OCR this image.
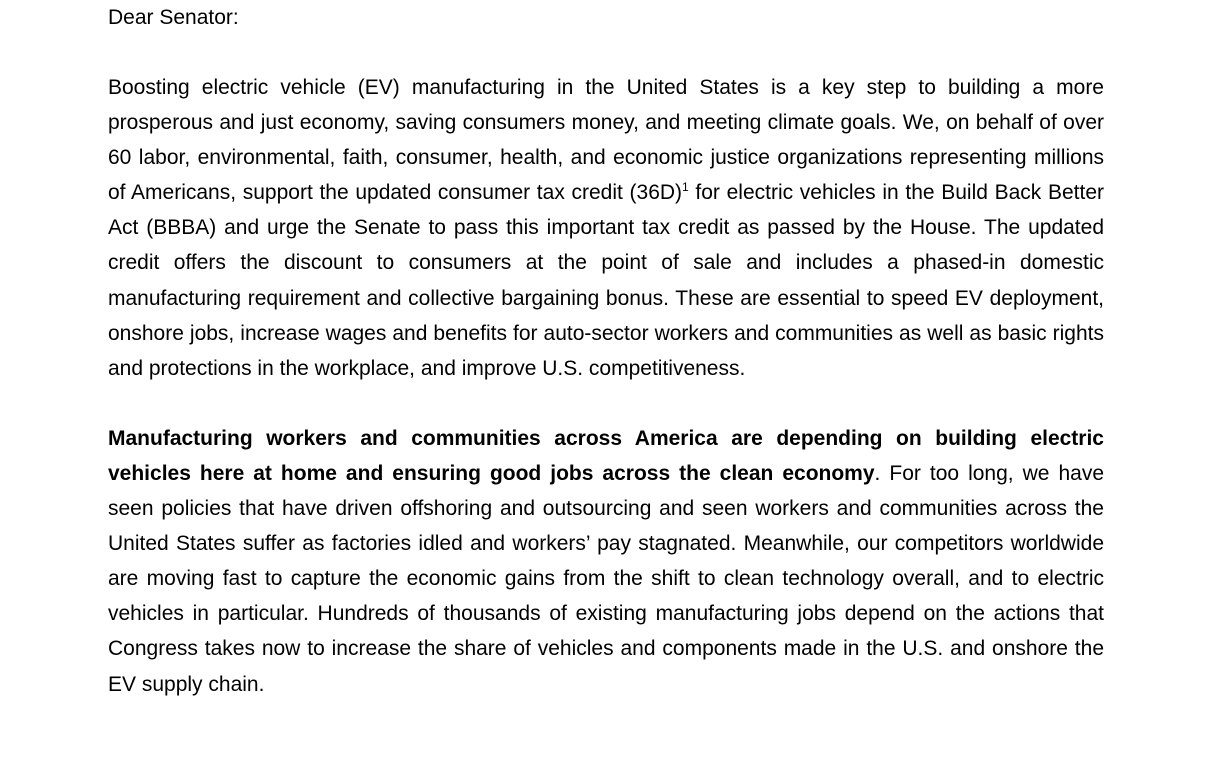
Dear Senator:

Boosting electric vehicle (EV) manufacturing in the United States is a key step to building a more prosperous and just economy, saving consumers money, and meeting climate goals. We, on behalf of over 60 labor, environmental, faith, consumer, health, and economic justice organizations representing millions of Americans, support the updated consumer tax credit (36D)$^1$ for electric vehicles in the Build Back Better Act (BBBA) and urge the Senate to pass this important tax credit as passed by the House. The updated credit offers the discount to consumers at the point of sale and includes a phased-in domestic manufacturing requirement and collective bargaining bonus. These are essential to speed EV deployment, onshore jobs, increase wages and benefits for auto-sector workers and communities as well as basic rights and protections in the workplace, and improve U.S. competitiveness.

Manufacturing workers and communities across America are depending on building electric vehicles here at home and ensuring good jobs across the clean economy. For too long, we have seen policies that have driven offshoring and outsourcing and seen workers and communities across the United States suffer as factories idled and workers’ pay stagnated. Meanwhile, our competitors worldwide are moving fast to capture the economic gains from the shift to clean technology overall, and to electric vehicles in particular. Hundreds of thousands of existing manufacturing jobs depend on the actions that Congress takes now to increase the share of vehicles and components made in the U.S. and onshore the EV supply chain.
